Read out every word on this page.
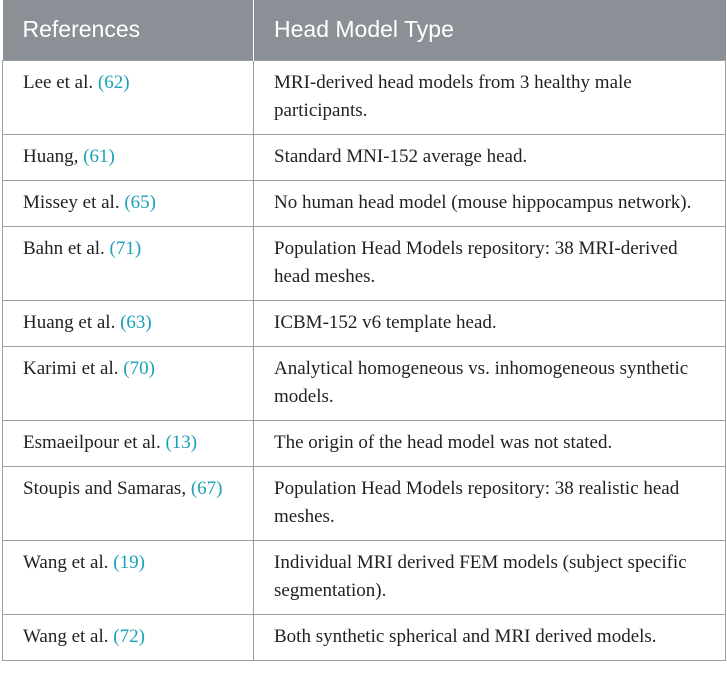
References	Head Model Type
Lee et al. (62)	MRI-derived head models from 3 healthy male participants.
Huang, (61)	Standard MNI-152 average head.
Missey et al. (65)	No human head model (mouse hippocampus network).
Bahn et al. (71)	Population Head Models repository: 38 MRI-derived head meshes.
Huang et al. (63)	ICBM-152 v6 template head.
Karimi et al. (70)	Analytical homogeneous vs. inhomogeneous synthetic models.
Esmaeilpour et al. (13)	The origin of the head model was not stated.
Stoupis and Samaras, (67)	Population Head Models repository: 38 realistic head meshes.
Wang et al. (19)	Individual MRI derived FEM models (subject specific segmentation).
Wang et al. (72)	Both synthetic spherical and MRI derived models.
